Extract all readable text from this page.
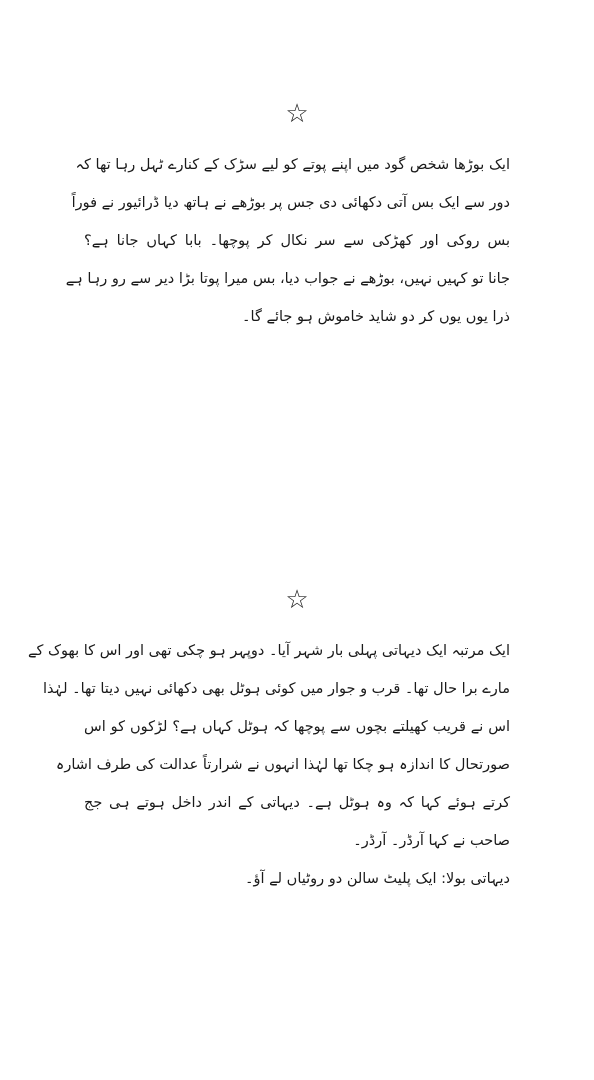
☆
ایک بوڑھا شخص گود میں اپنے پوتے کو لیے سڑک کے کنارے ٹہل رہا تھا کہ
دور سے ایک بس آتی دکھائی دی جس پر بوڑھے نے ہاتھ دیا ڈرائیور نے فوراً
بس روکی اور کھڑکی سے سر نکال کر پوچھا۔ بابا کہاں جانا ہے؟
جانا تو کہیں نہیں، بوڑھے نے جواب دیا، بس میرا پوتا بڑا دیر سے رو رہا ہے
ذرا یوں یوں کر دو شاید خاموش ہو جائے گا۔
☆
ایک مرتبہ ایک دیہاتی پہلی بار شہر آیا۔ دوپہر ہو چکی تھی اور اس کا بھوک کے
مارے برا حال تھا۔ قرب و جوار میں کوئی ہوٹل بھی دکھائی نہیں دیتا تھا۔ لہٰذا
اس نے قریب کھیلتے بچوں سے پوچھا کہ ہوٹل کہاں ہے؟ لڑکوں کو اس
صورتحال کا اندازہ ہو چکا تھا لہٰذا انہوں نے شرارتاً عدالت کی طرف اشارہ
کرتے ہوئے کہا کہ وہ ہوٹل ہے۔ دیہاتی کے اندر داخل ہوتے ہی جج
صاحب نے کہا آرڈر۔ آرڈر۔
دیہاتی بولا: ایک پلیٹ سالن دو روٹیاں لے آؤ۔
